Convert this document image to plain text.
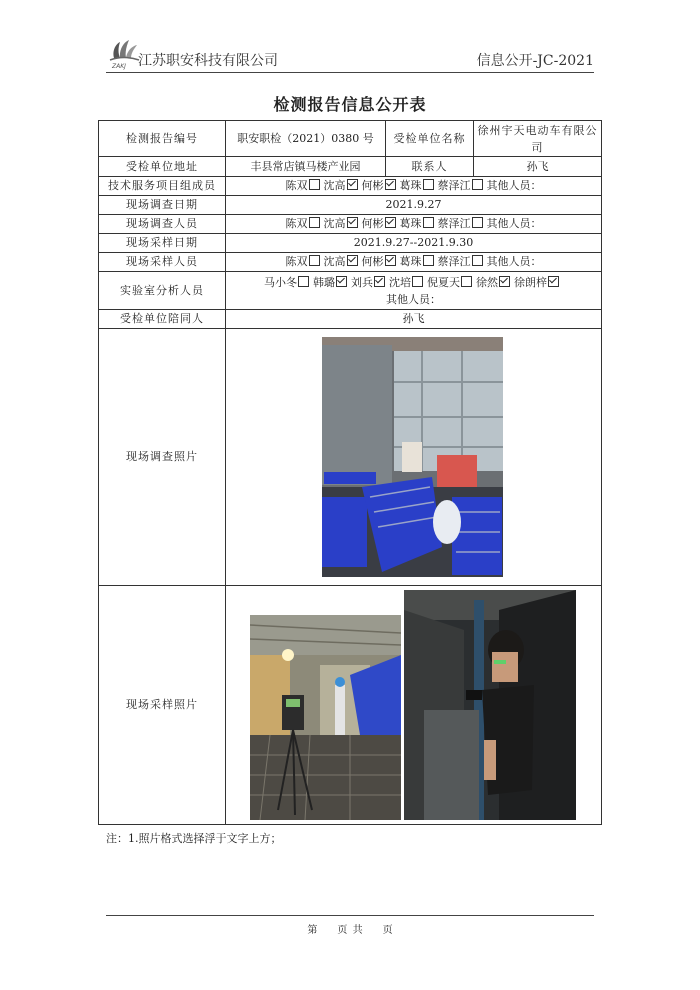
ZAKJ 江苏职安科技有限公司	信息公开-JC-2021
检测报告信息公开表
检测报告编号	职安职检（2021）0380 号	受检单位名称	徐州宇天电动车有限公司
受检单位地址	丰县常店镇马楼产业园	联系人	孙飞
技术服务项目组成员	陈双 沈高 何彬 葛珠 蔡泽江 其他人员：		
现场调查日期	2021.9.27		
现场调查人员	陈双 沈高 何彬 葛珠 蔡泽江 其他人员：		
现场采样日期	2021.9.27--2021.9.30		
现场采样人员	陈双 沈高 何彬 葛珠 蔡泽江 其他人员：		
实验室分析人员	马小冬 韩璐 刘兵 沈培 倪夏天 徐然 徐朗梓
其他人员：		
受检单位陪同人	孙飞		
现场调查照片	

现场采样照片	
注：1.照片格式选择浮于文字上方；
第　　页 共　　页
